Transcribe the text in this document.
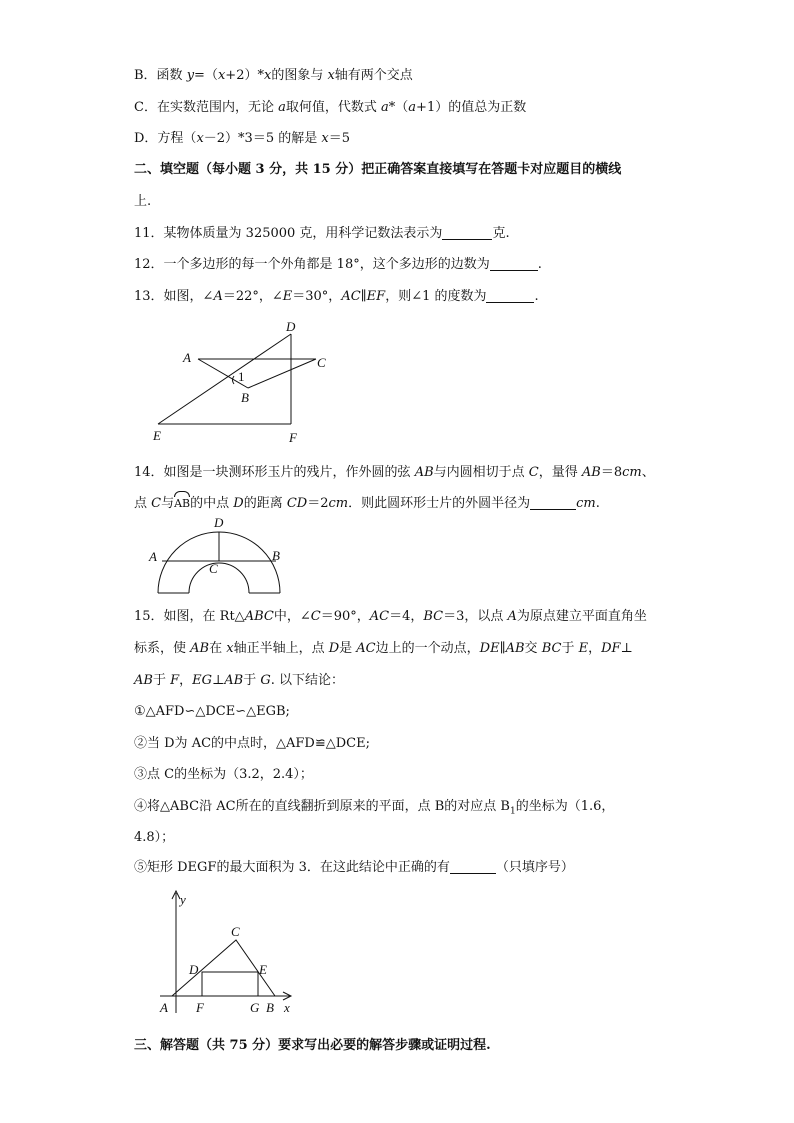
B．函数 y=（x+2）*x的图象与 x轴有两个交点
C．在实数范围内，无论 a取何值，代数式 a*（a+1）的值总为正数
D．方程（x－2）*3＝5 的解是 x＝5
二、填空题（每小题 3 分，共 15 分）把正确答案直接填写在答题卡对应题目的横线
上.
11．某物体质量为 325000 克，用科学记数法表示为	克.
12．一个多边形的每一个外角都是 18°，这个多边形的边数为	.
13．如图，∠A＝22°，∠E＝30°，AC∥EF，则∠1 的度数为	.
D
A	C
1
B
E	F
14．如图是一块测环形玉片的残片，作外圆的弦 AB与内圆相切于点 C，量得 AB＝8cm、
点 C与
AB的中点 D的距离 CD＝2cm．则此圆环形士片的外圆半径为	cm.
D
A	B
C
15．如图，在 Rt△ABC中，∠C＝90°，AC＝4，BC＝3，以点 A为原点建立平面直角坐
标系，使 AB在 x轴正半轴上，点 D是 AC边上的一个动点，DE∥AB交 BC于 E，DF⊥
AB于 F，EG⊥AB于 G. 以下结论：
①△AFD∽△DCE∽△EGB;
②当 D为 AC的中点时，△AFD≌△DCE;
③点 C的坐标为（3.2，2.4）；
④将△ABC沿 AC所在的直线翻折到原来的平面，点 B的对应点 $B_1$的坐标为（1.6，
4.8）；
⑤矩形 DEGF的最大面积为 3．在这此结论中正确的有	（只填序号）
y
C
D	E
A F	G B x
三、解答题（共 75 分）要求写出必要的解答步骤或证明过程.
